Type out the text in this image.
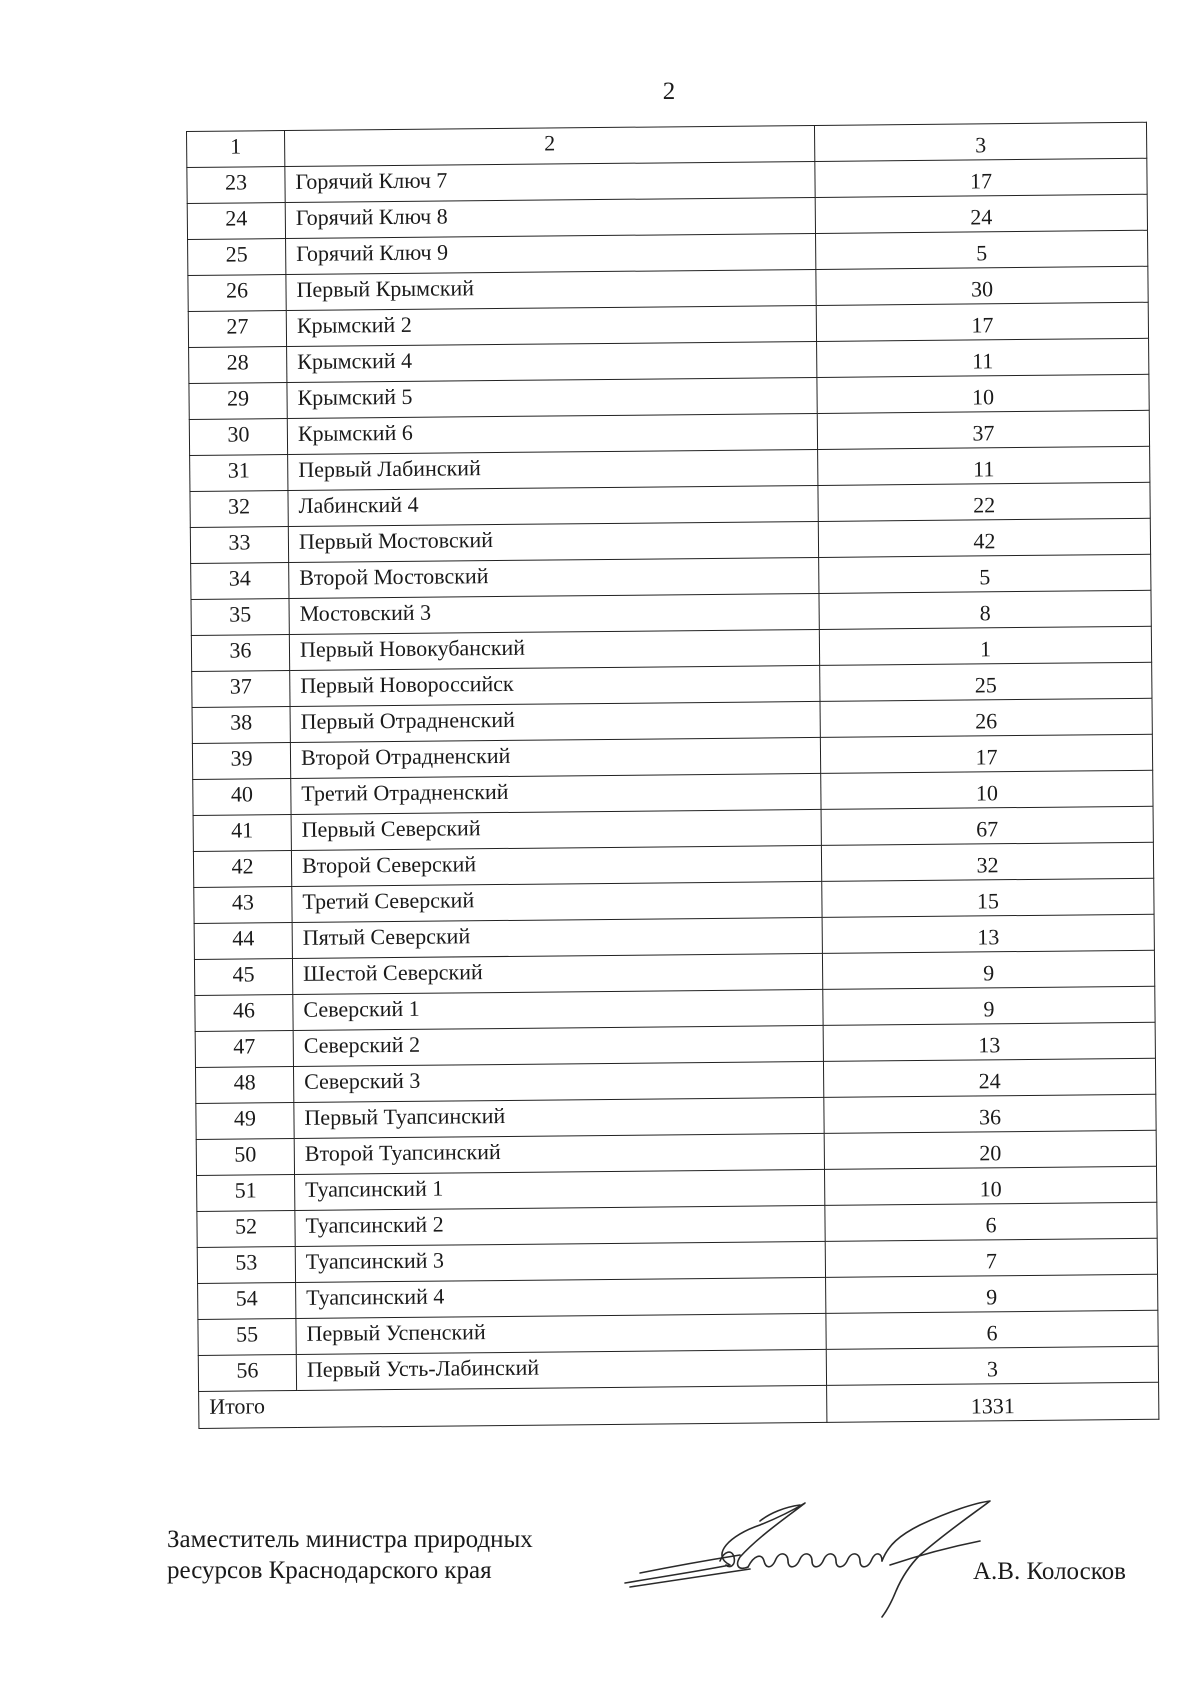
2
1	2	3
23	Горячий Ключ 7	17
24	Горячий Ключ 8	24
25	Горячий Ключ 9	5
26	Первый Крымский	30
27	Крымский 2	17
28	Крымский 4	11
29	Крымский 5	10
30	Крымский 6	37
31	Первый Лабинский	11
32	Лабинский 4	22
33	Первый Мостовский	42
34	Второй Мостовский	5
35	Мостовский 3	8
36	Первый Новокубанский	1
37	Первый Новороссийск	25
38	Первый Отрадненский	26
39	Второй Отрадненский	17
40	Третий Отрадненский	10
41	Первый Северский	67
42	Второй Северский	32
43	Третий Северский	15
44	Пятый Северский	13
45	Шестой Северский	9
46	Северский 1	9
47	Северский 2	13
48	Северский 3	24
49	Первый Туапсинский	36
50	Второй Туапсинский	20
51	Туапсинский 1	10
52	Туапсинский 2	6
53	Туапсинский 3	7
54	Туапсинский 4	9
55	Первый Успенский	6
56	Первый Усть-Лабинский	3
Итого		1331
Заместитель министра природных
ресурсов Краснодарского края	А.В. Колосков
